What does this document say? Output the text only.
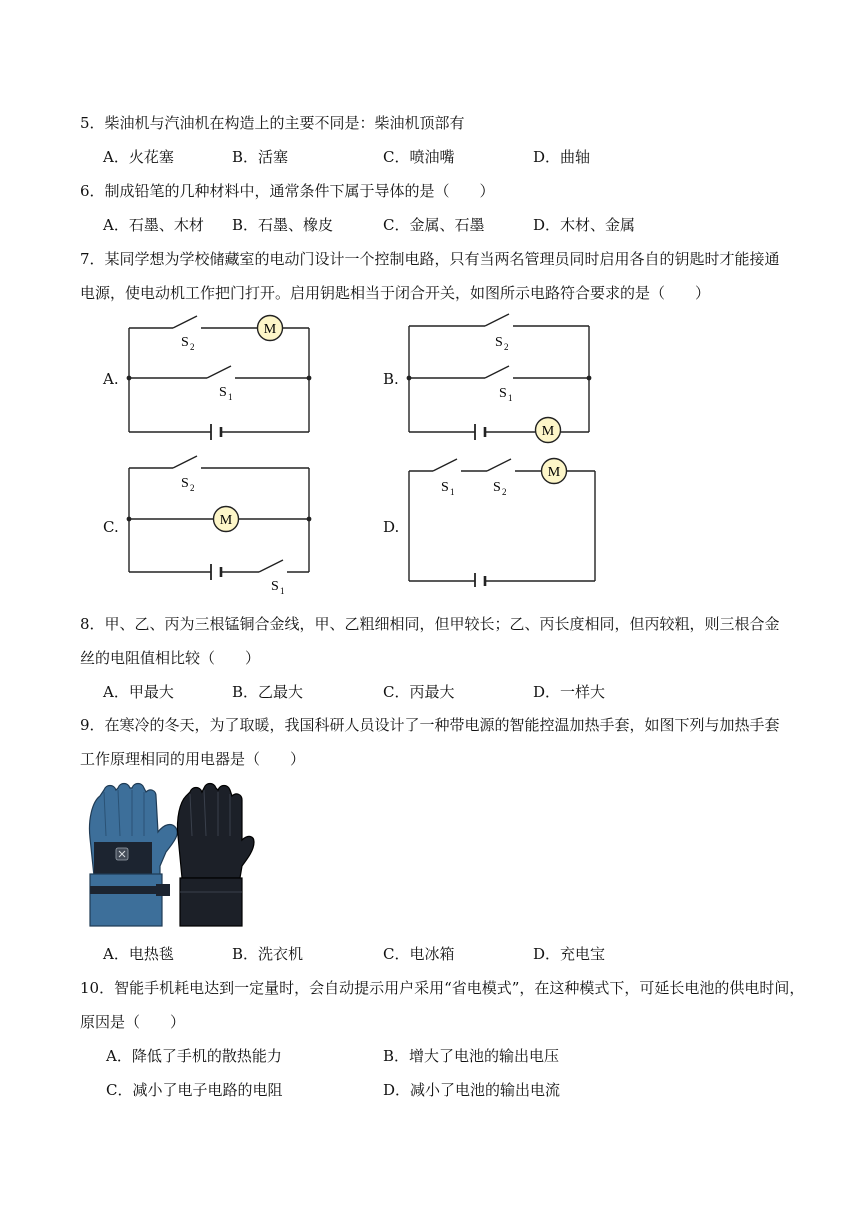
5．柴油机与汽油机在构造上的主要不同是：柴油机顶部有
A．火花塞	B．活塞	C．喷油嘴	D．曲轴
6．制成铅笔的几种材料中，通常条件下属于导体的是（　　）
A．石墨、木材 B．石墨、橡皮	C．金属、石墨	D．木材、金属
7．某同学想为学校储藏室的电动门设计一个控制电路，只有当两名管理员同时启用各自的钥匙时才能接通
电源，使电动机工作把门打开。启用钥匙相当于闭合开关，如图所示电路符合要求的是（　　）
A.
M
S 2
S 1
B.
M
S 2
S 1
C.	M
S 2
S 1
D.
M
S 1	S 2
8．甲、乙、丙为三根锰铜合金线，甲、乙粗细相同，但甲较长；乙、丙长度相同，但丙较粗，则三根合金
丝的电阻值相比较（　　）
A．甲最大	B．乙最大	C．丙最大	D．一样大
9．在寒冷的冬天，为了取暖，我国科研人员设计了一种带电源的智能控温加热手套，如图下列与加热手套
工作原理相同的用电器是（　　）
A．电热毯	B．洗衣机	C．电冰箱	D．充电宝
10．智能手机耗电达到一定量时，会自动提示用户采用“省电模式”，在这种模式下，可延长电池的供电时间，
原因是（　　）
A．降低了手机的散热能力	B．增大了电池的输出电压
C．减小了电子电路的电阻	D．减小了电池的输出电流
